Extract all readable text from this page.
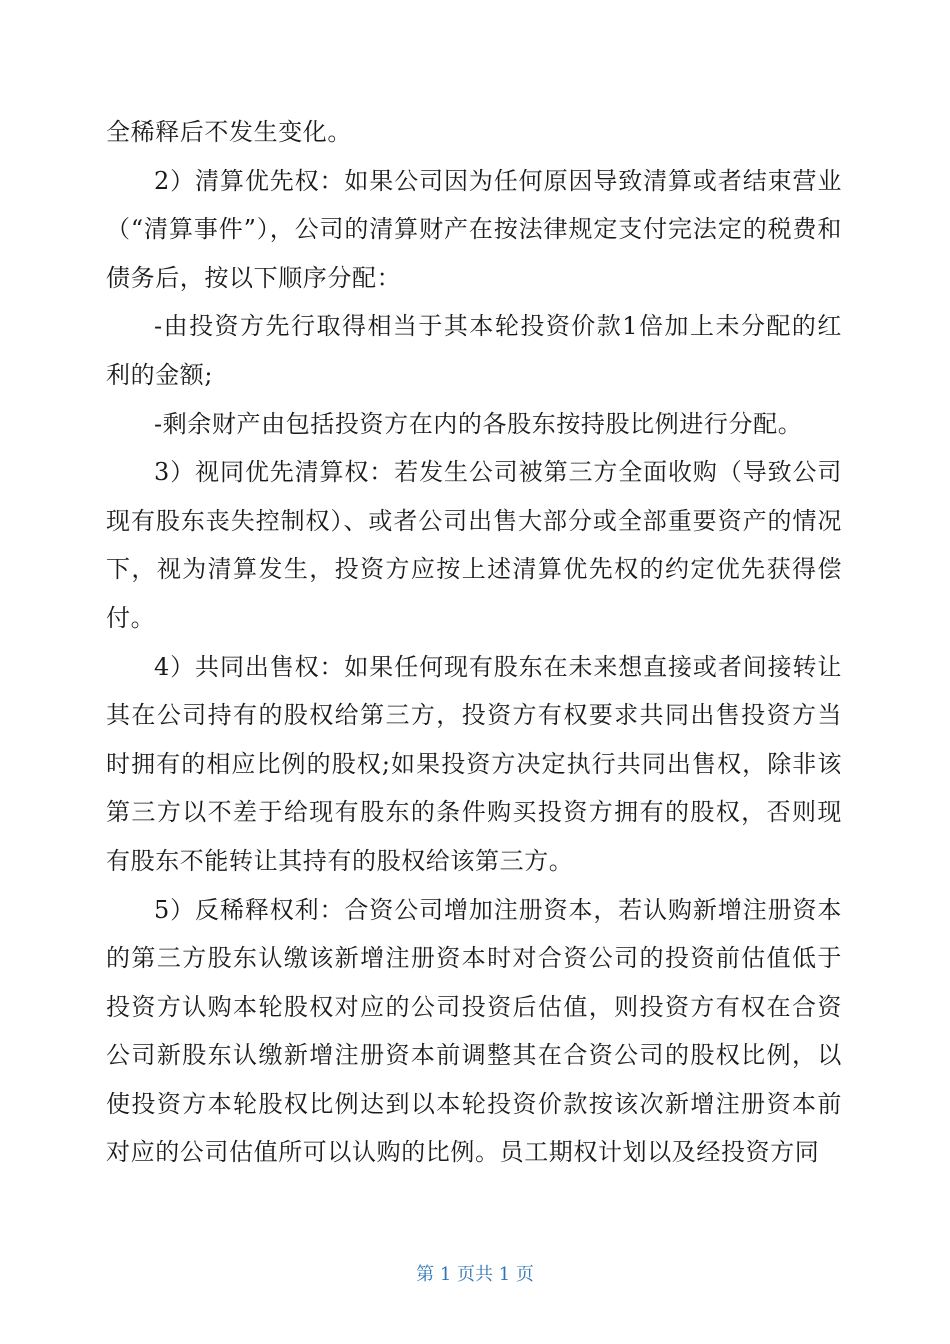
全稀释后不发生变化。

2）清算优先权：如果公司因为任何原因导致清算或者结束营业（“清算事件”），公司的清算财产在按法律规定支付完法定的税费和债务后，按以下顺序分配：

-由投资方先行取得相当于其本轮投资价款1倍加上未分配的红利的金额;

-剩余财产由包括投资方在内的各股东按持股比例进行分配。

3）视同优先清算权：若发生公司被第三方全面收购（导致公司现有股东丧失控制权）、或者公司出售大部分或全部重要资产的情况下，视为清算发生，投资方应按上述清算优先权的约定优先获得偿付。

4）共同出售权：如果任何现有股东在未来想直接或者间接转让其在公司持有的股权给第三方，投资方有权要求共同出售投资方当时拥有的相应比例的股权;如果投资方决定执行共同出售权，除非该第三方以不差于给现有股东的条件购买投资方拥有的股权，否则现有股东不能转让其持有的股权给该第三方。

5）反稀释权利：合资公司增加注册资本，若认购新增注册资本的第三方股东认缴该新增注册资本时对合资公司的投资前估值低于投资方认购本轮股权对应的公司投资后估值，则投资方有权在合资公司新股东认缴新增注册资本前调整其在合资公司的股权比例，以使投资方本轮股权比例达到以本轮投资价款按该次新增注册资本前对应的公司估值所可以认购的比例。员工期权计划以及经投资方同

第 1 页共 1 页
